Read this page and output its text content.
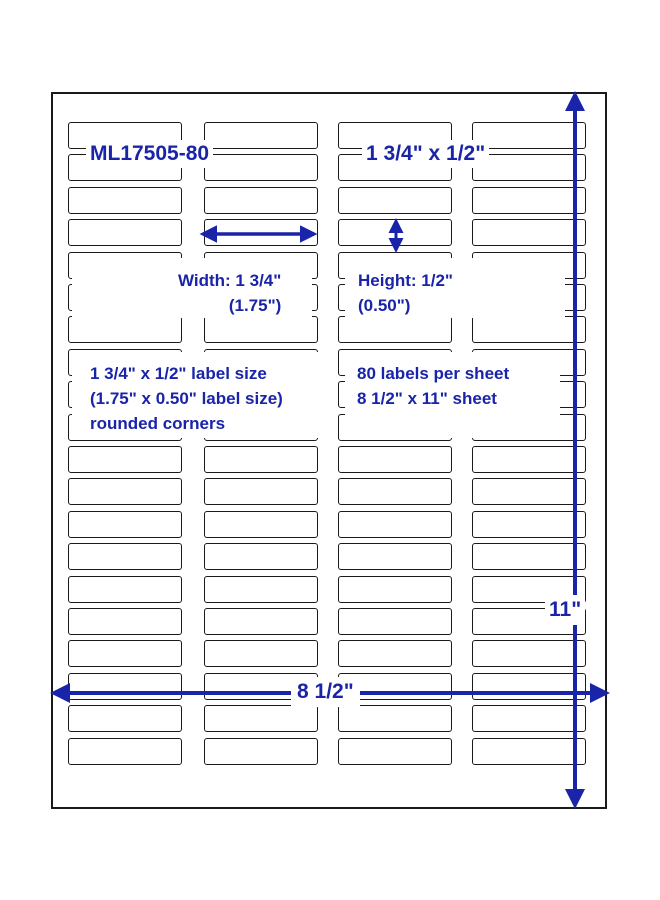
ML17505-80	1 3/4" x 1/2"
Width: 1 3/4"
(1.75")
Height: 1/2"
(0.50")
1 3/4" x 1/2" label size
(1.75" x 0.50" label size)
rounded corners
80 labels per sheet
8 1/2" x 11" sheet
8 1/2"
11"
